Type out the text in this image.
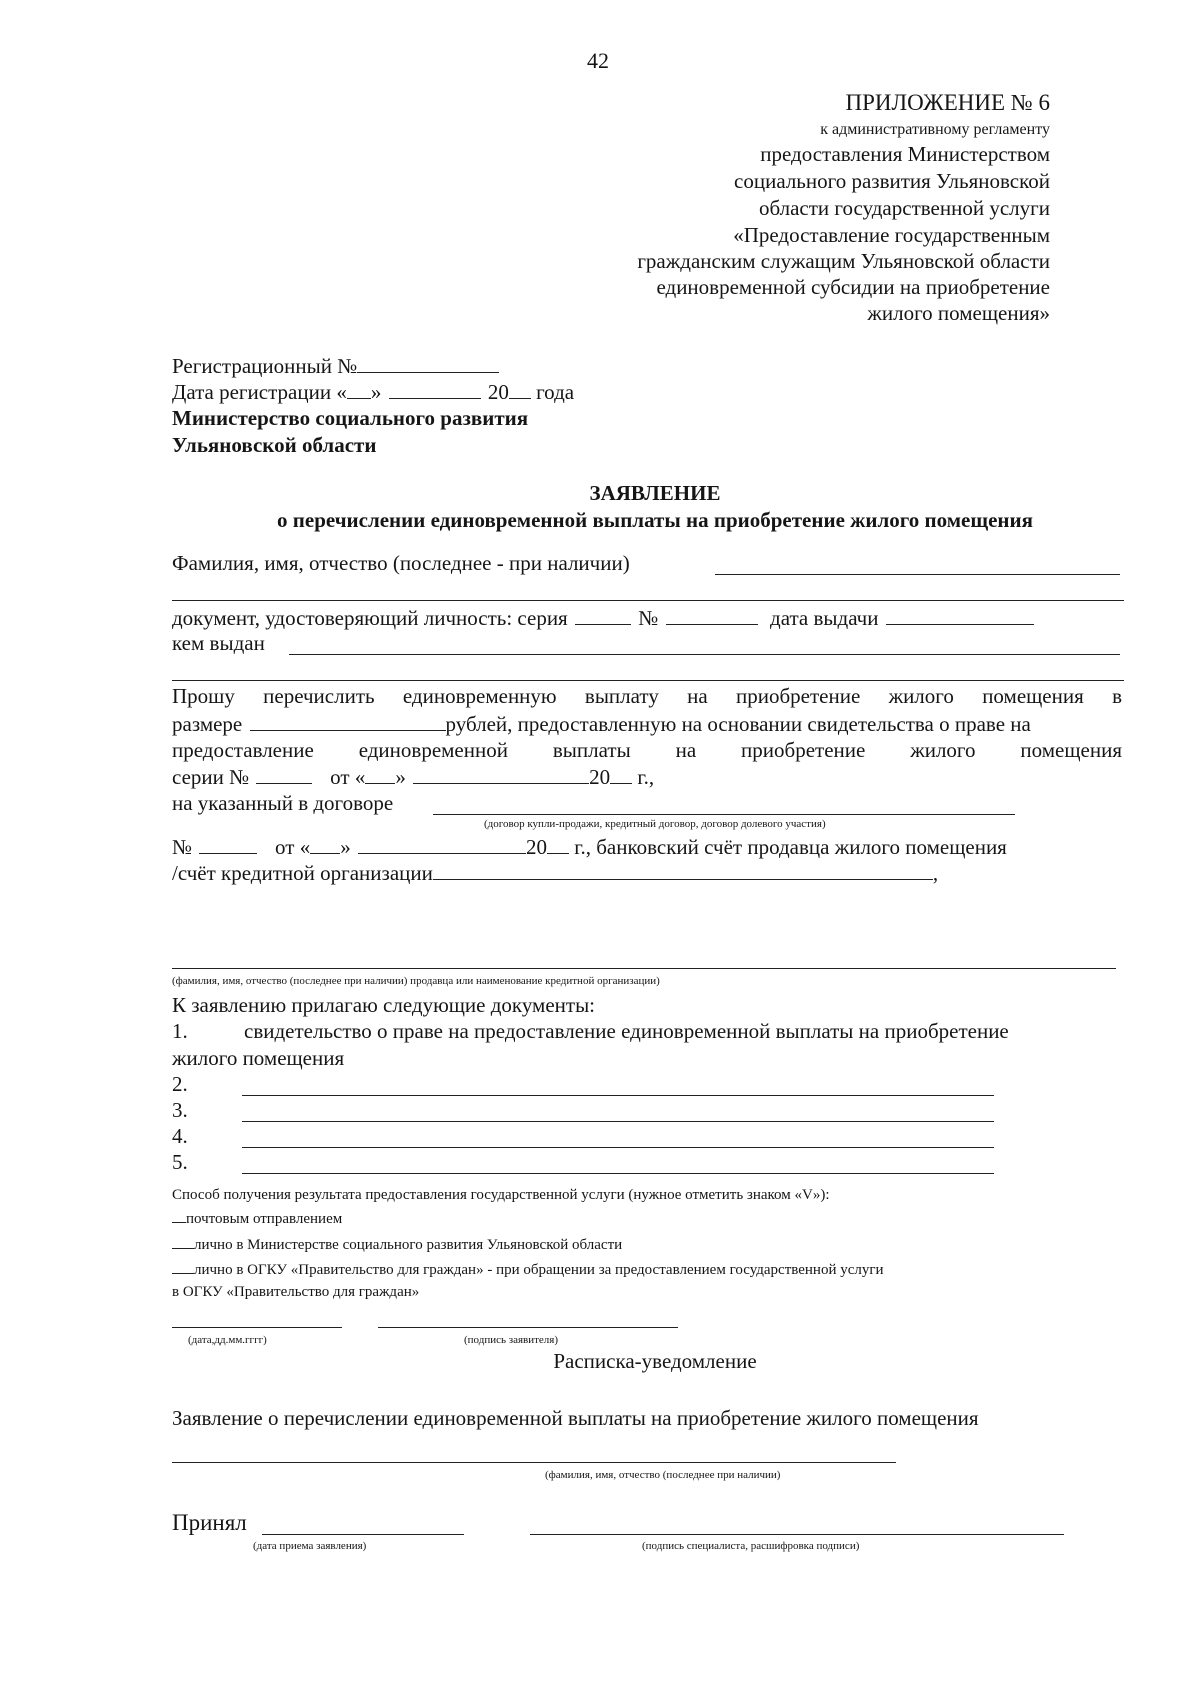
42
ПРИЛОЖЕНИЕ № 6
к административному регламенту
предоставления Министерством
социального развития Ульяновской
области государственной услуги
«Предоставление государственным
гражданским служащим Ульяновской области
единовременной субсидии на приобретение
жилого помещения»
Регистрационный №
Дата регистрации « »	20 года
Министерство социального развития
Ульяновской области
ЗАЯВЛЕНИЕ
о перечислении единовременной выплаты на приобретение жилого помещения
Фамилия, имя, отчество (последнее - при наличии)
документ, удостоверяющий личность: серия	№	дата выдачи
кем выдан
Прошу перечислить единовременную выплату на приобретение жилого помещения в
размере	рублей, предоставленную на основании свидетельства о праве на
предоставление единовременной выплаты на приобретение жилого помещения
серии №	от « »	20 г.,
на указанный в договоре
(договор купли-продажи, кредитный договор, договор долевого участия)
№	от « »	20 г., банковский счёт продавца жилого помещения
/счёт кредитной организации	,
(фамилия, имя, отчество (последнее при наличии) продавца или наименование кредитной организации)
К заявлению прилагаю следующие документы:
1.	свидетельство о праве на предоставление единовременной выплаты на приобретение
жилого помещения
2.
3.
4.
5.
Способ получения результата предоставления государственной услуги (нужное отметить знаком «V»):
почтовым отправлением
лично в Министерстве социального развития Ульяновской области
лично в ОГКУ «Правительство для граждан» - при обращении за предоставлением государственной услуги
в ОГКУ «Правительство для граждан»
(дата,дд.мм.гггг)	(подпись заявителя)
Расписка-уведомление
Заявление о перечислении единовременной выплаты на приобретение жилого помещения
(фамилия, имя, отчество (последнее при наличии)
Принял
(дата приема заявления)	(подпись специалиста, расшифровка подписи)
